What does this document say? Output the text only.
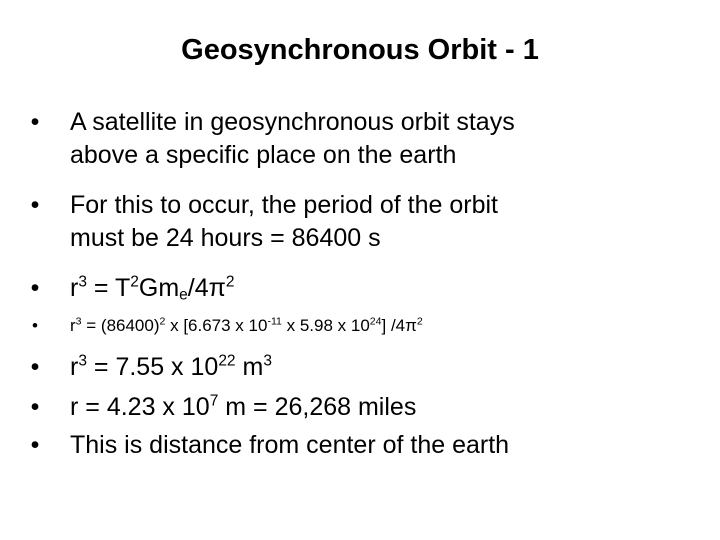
Geosynchronous Orbit - 1
• A satellite in geosynchronous orbit stays
above a specific place on the earth
• For this to occur, the period of the orbit
must be 24 hours = 86400 s
• $r^3 = T^2Gm_e/4\pi^2$
• $r^3 = (86400)^2$ x [6.673 x $10^{-11}$ x 5.98 x $10^{24}$] $/4\pi^2$
• $r^3 = 7.55$ x $10^{22}$ $m^3$
• r = 4.23 x $10^7$ m = 26,268 miles
• This is distance from center of the earth
